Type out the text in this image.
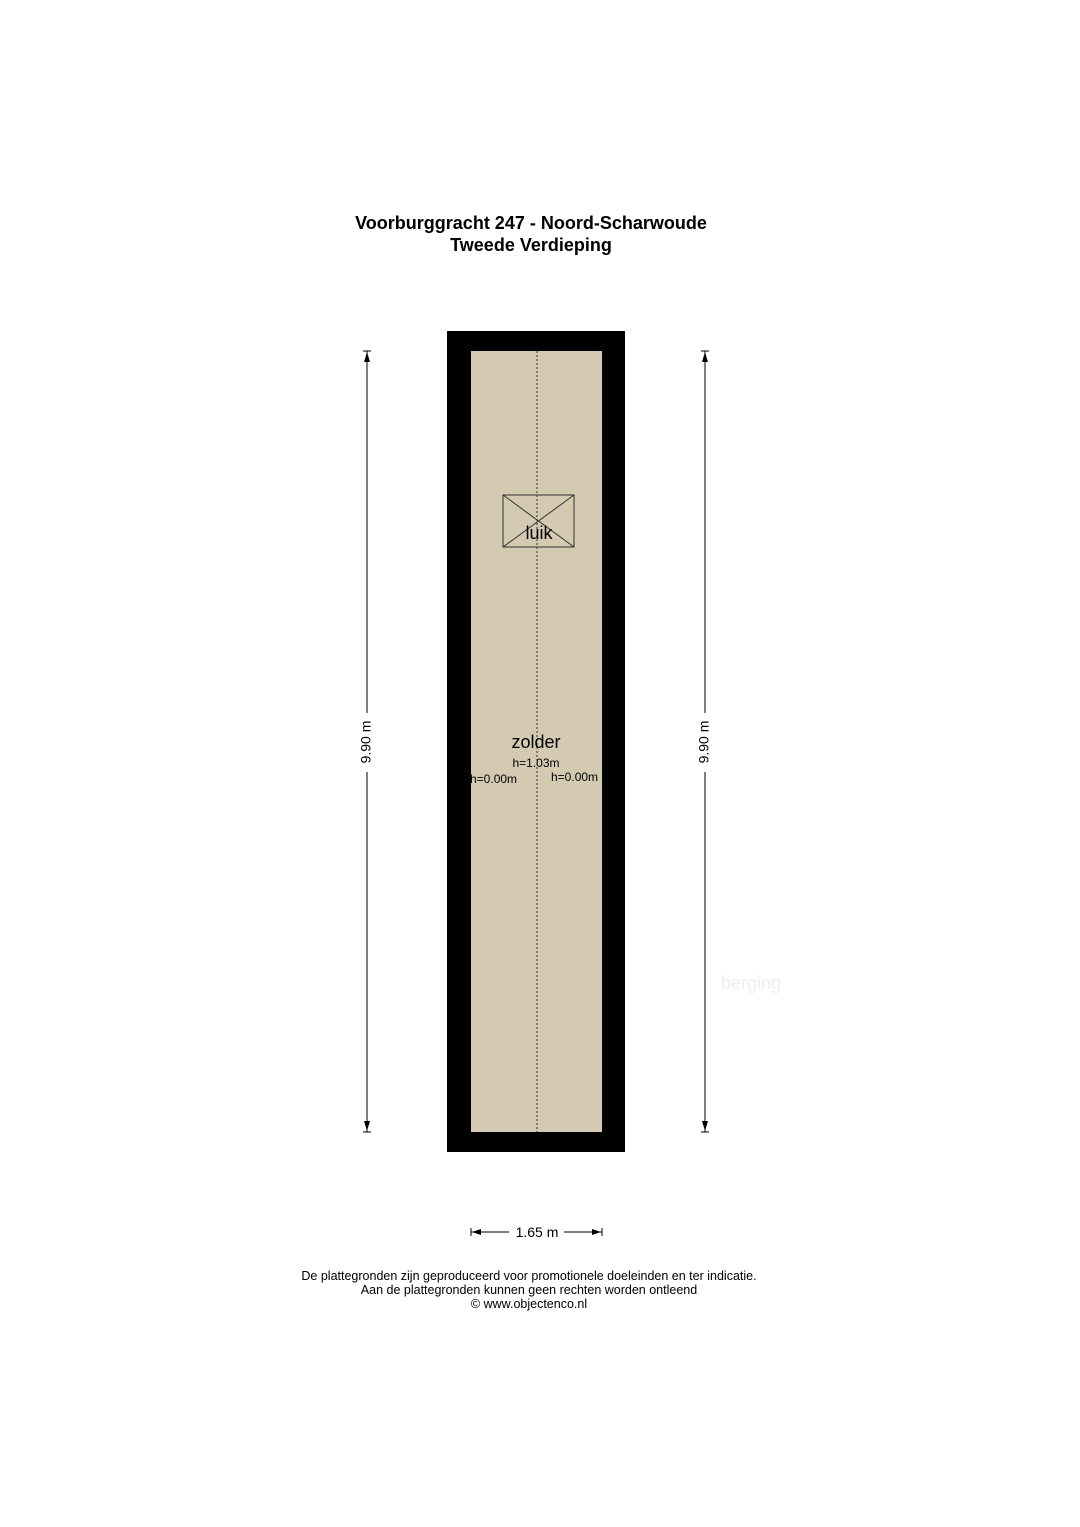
Voorburggracht 247 - Noord-Scharwoude
Tweede Verdieping
luik
zolder
h=1.03m
h=0.00m	h=0.00m
berging
9.90 m	9.90 m
1.65 m
De plattegronden zijn geproduceerd voor promotionele doeleinden en ter indicatie.
Aan de plattegronden kunnen geen rechten worden ontleend
© www.objectenco.nl
